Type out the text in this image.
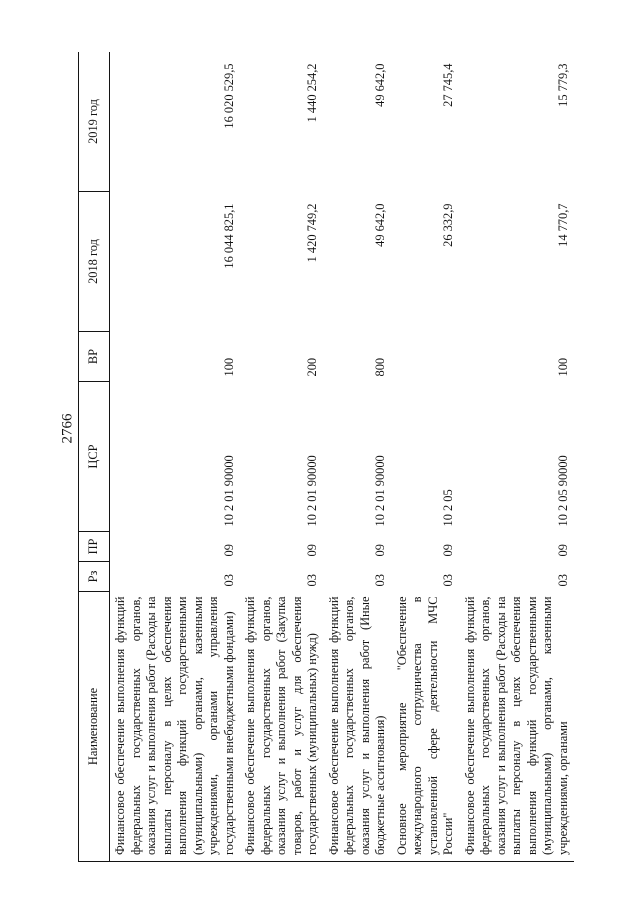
2766
Наименование	Рз	ПР	ЦСР	ВР	2018 год	2019 год
Финансовое обеспечение выполнения функций федеральных государственных органов, оказания услуг и выполнения работ (Расходы на выплаты персоналу в целях обеспечения выполнения функций государственными (муниципальными) органами, казенными учреждениями, органами управления государственными внебюджетными фондами)	03	09	10 2 01 90000	100	16 044 825,1	16 020 529,5
Финансовое обеспечение выполнения функций федеральных государственных органов, оказания услуг и выполнения работ (Закупка товаров, работ и услуг для обеспечения государственных (муниципальных) нужд)	03	09	10 2 01 90000	200	1 420 749,2	1 440 254,2
Финансовое обеспечение выполнения функций федеральных государственных органов, оказания услуг и выполнения работ (Иные бюджетные ассигнования)	03	09	10 2 01 90000	800	49 642,0	49 642,0
Основное мероприятие "Обеспечение международного сотрудничества в установленной сфере деятельности МЧС России"	03	09	10 2 05		26 332,9	27 745,4
Финансовое обеспечение выполнения функций федеральных государственных органов, оказания услуг и выполнения работ (Расходы на выплаты персоналу в целях обеспечения выполнения функций государственными (муниципальными) органами, казенными учреждениями, органами	03	09	10 2 05 90000	100	14 770,7	15 779,3
